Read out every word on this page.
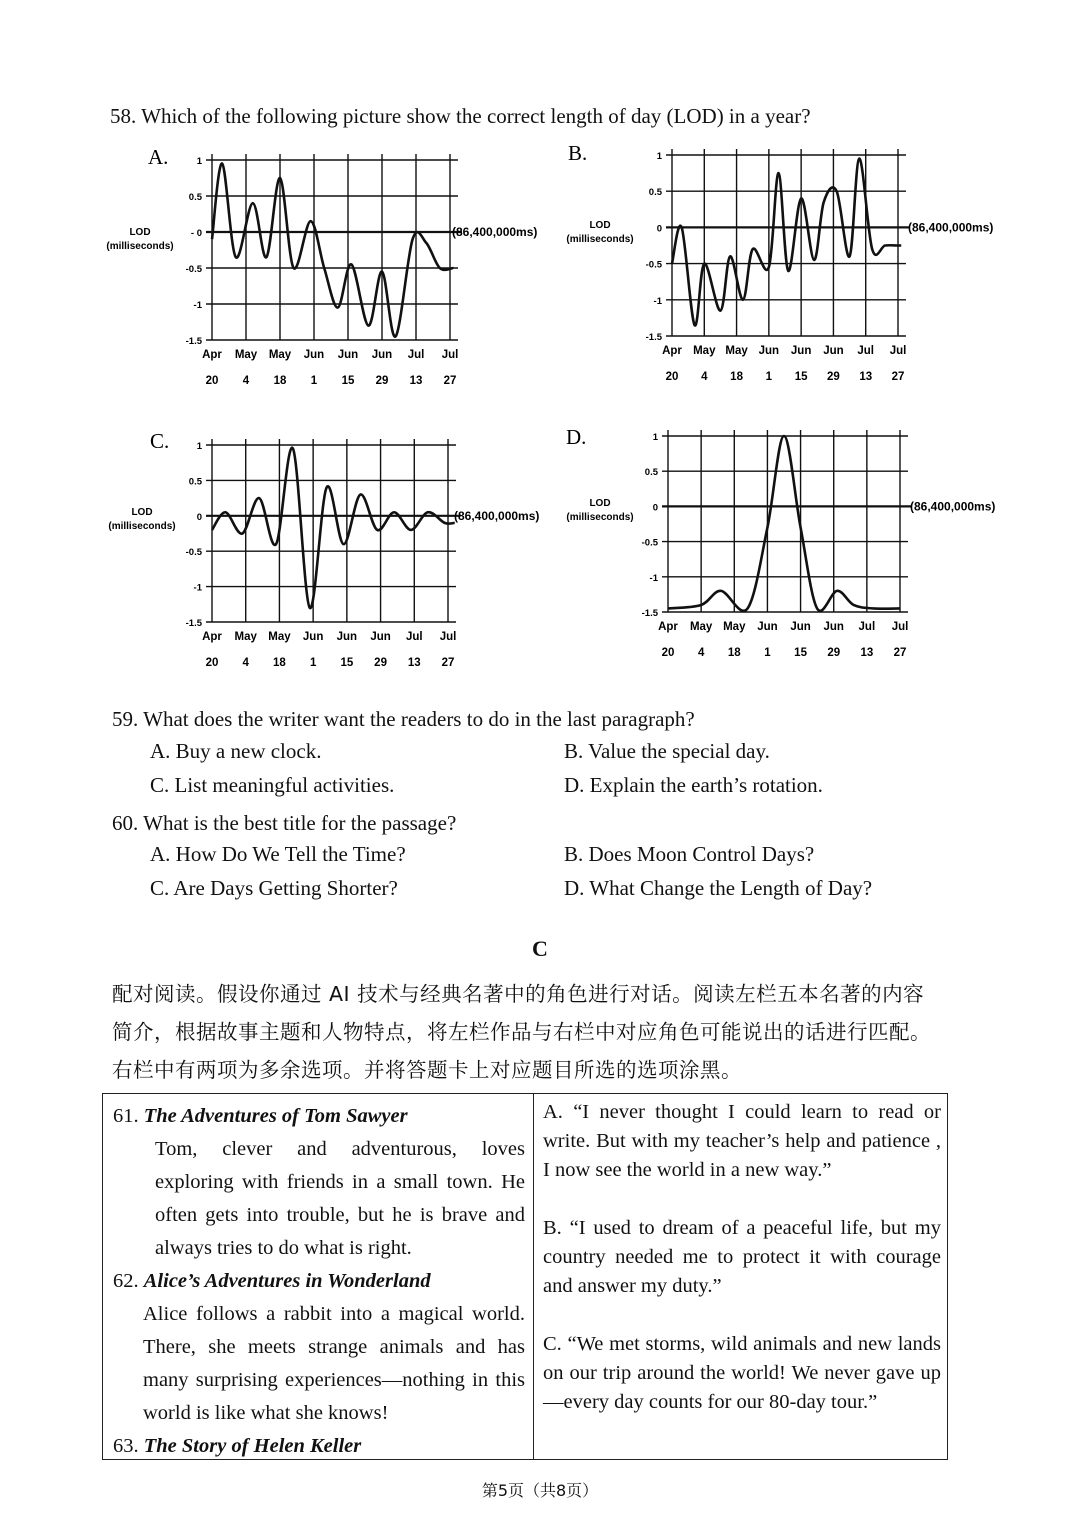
58. Which of the following picture show the correct length of day (LOD) in a year?
A.	1
0.5
- 0
-0.5
-1
-1.5
LOD
(milliseconds)
(86,400,000ms)
Apr
20
May
4
May
18
Jun
1
Jun
15
Jun
29
Jul
13
Jul
27
B.	1
0.5
0
-0.5
-1
-1.5
LOD
(milliseconds)
(86,400,000ms)
Apr
20
May
4
May
18
Jun
1
Jun
15
Jun
29
Jul
13
Jul
27
C.	1
0.5
0
-0.5
-1
-1.5
LOD
(milliseconds)
(86,400,000ms)
Apr
20
May
4
May
18
Jun
1
Jun
15
Jun
29
Jul
13
Jul
27
D.	1
0.5
0
-0.5
-1
-1.5
LOD
(milliseconds)
(86,400,000ms)
Apr
20
May
4
May
18
Jun
1
Jun
15
Jun
29
Jul
13
Jul
27
59. What does the writer want the readers to do in the last paragraph?
A. Buy a new clock.	B. Value the special day.
C. List meaningful activities.	D. Explain the earth’s rotation.
60. What is the best title for the passage?
A. How Do We Tell the Time?	B. Does Moon Control Days?
C. Are Days Getting Shorter?	D. What Change the Length of Day?
C
配对阅读。假设你通过 AI 技术与经典名著中的角色进行对话。阅读左栏五本名著的内容简介，根据故事主题和人物特点，将左栏作品与右栏中对应角色可能说出的话进行匹配。右栏中有两项为多余选项。并将答题卡上对应题目所选的选项涂黑。
61. The Adventures of Tom Sawyer
Tom, clever and adventurous, loves exploring with friends in a small town. He often gets into trouble, but he is brave and always tries to do what is right.
62. Alice’s Adventures in Wonderland
Alice follows a rabbit into a magical world. There, she meets strange animals and has many surprising experiences—nothing in this world is like what she knows!
63. The Story of Helen Keller
A. “I never thought I could learn to read or write. But with my teacher’s help and patience , I now see the world in a new way.”
B. “I used to dream of a peaceful life, but my country needed me to protect it with courage and answer my duty.”
C. “We met storms, wild animals and new lands on our trip around the world! We never gave up—every day counts for our 80-day tour.”
第5页（共8页）
